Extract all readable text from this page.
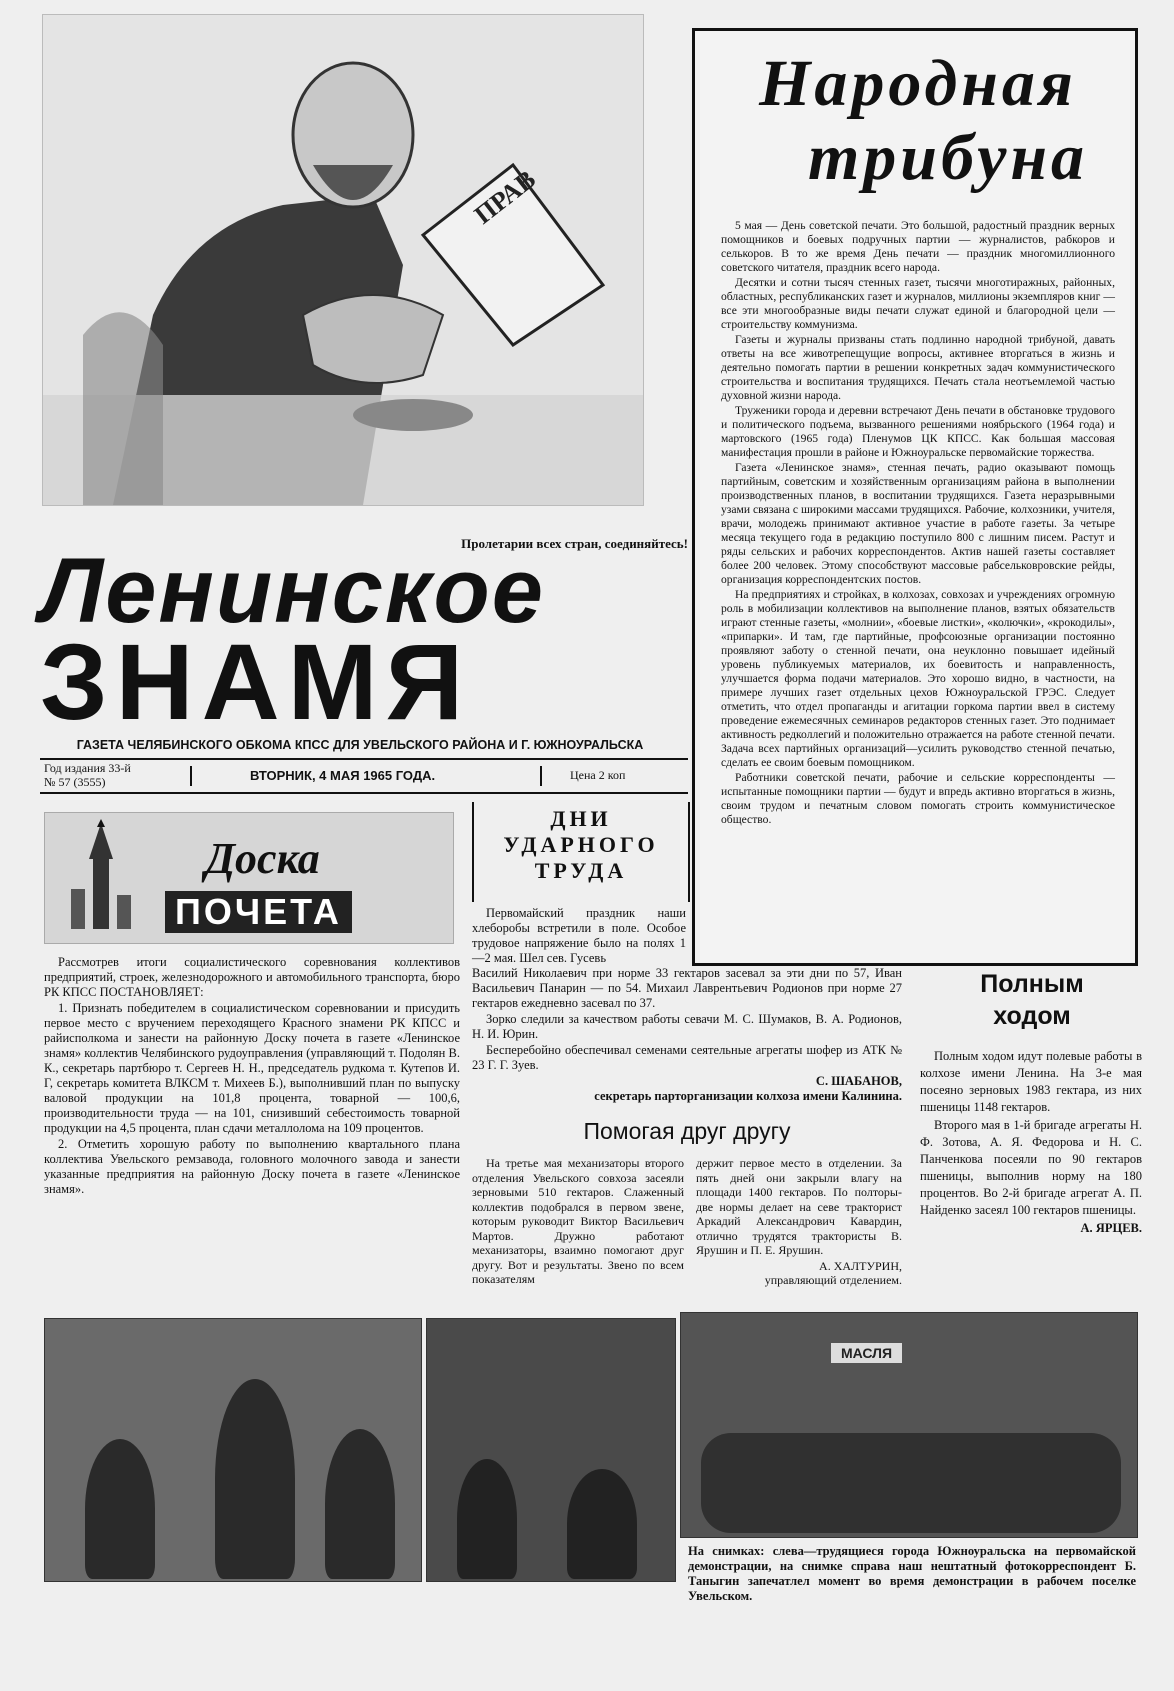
ПРАВ
Народная
трибуна

5 мая — День советской печати. Это большой, радостный праздник верных помощников и боевых подручных партии — журналистов, рабкоров и селькоров. В то же время День печати — праздник многомиллионного советского читателя, праздник всего народа.

Десятки и сотни тысяч стенных газет, тысячи многотиражных, районных, областных, республиканских газет и журналов, миллионы экземпляров книг — все эти многообразные виды печати служат единой и благородной цели — строительству коммунизма.

Газеты и журналы призваны стать подлинно народной трибуной, давать ответы на все животрепещущие вопросы, активнее вторгаться в жизнь и деятельно помогать партии в решении конкретных задач коммунистического строительства и воспитания трудящихся. Печать стала неотъемлемой частью духовной жизни народа.

Труженики города и деревни встречают День печати в обстановке трудового и политического подъема, вызванного решениями ноябрьского (1964 года) и мартовского (1965 года) Пленумов ЦК КПСС. Как большая массовая манифестация прошли в районе и Южноуральске первомайские торжества.

Газета «Ленинское знамя», стенная печать, радио оказывают помощь партийным, советским и хозяйственным организациям района в выполнении производственных планов, в воспитании трудящихся. Газета неразрывными узами связана с широкими массами трудящихся. Рабочие, колхозники, учителя, врачи, молодежь принимают активное участие в работе газеты. За четыре месяца текущего года в редакцию поступило 800 с лишним писем. Растут и ряды сельских и рабочих корреспондентов. Актив нашей газеты составляет более 200 человек. Этому способствуют массовые рабсельковровские рейды, организация корреспондентских постов.

На предприятиях и стройках, в колхозах, совхозах и учреждениях огромную роль в мобилизации коллективов на выполнение планов, взятых обязательств играют стенные газеты, «молнии», «боевые листки», «колючки», «крокодилы», «припарки». И там, где партийные, профсоюзные организации постоянно проявляют заботу о стенной печати, она неуклонно повышает идейный уровень публикуемых материалов, их боевитость и направленность, улучшается форма подачи материалов. Это хорошо видно, в частности, на примере лучших газет отдельных цехов Южноуральской ГРЭС. Следует отметить, что отдел пропаганды и агитации горкома партии ввел в систему проведение ежемесячных семинаров редакторов стенных газет. Это поднимает активность редколлегий и положительно отражается на работе стенной печати. Задача всех партийных организаций—усилить руководство стенной печатью, сделать ее своим боевым помощником.

Работники советской печати, рабочие и сельские корреспонденты — испытанные помощники партии — будут и впредь активно вторгаться в жизнь, своим трудом и печатным словом помогать строить коммунистическое общество.

Пролетарии всех стран, соединяйтесь!
Ленинское
ЗНАМЯ
ГАЗЕТА ЧЕЛЯБИНСКОГО ОБКОМА КПСС ДЛЯ УВЕЛЬСКОГО РАЙОНА И Г. ЮЖНОУРАЛЬСКА
Год издания 33-й
№ 57 (3555)	ВТОРНИК, 4 МАЯ 1965 ГОДА.	Цена 2 коп
Доска
ПОЧЕТА

Рассмотрев итоги социалистического соревнования коллективов предприятий, строек, железнодорожного и автомобильного транспорта, бюро РК КПСС ПОСТАНОВЛЯЕТ:

1. Признать победителем в социалистическом соревновании и присудить первое место с вручением переходящего Красного знамени РК КПСС и райисполкома и занести на районную Доску почета в газете «Ленинское знамя» коллектив Челябинского рудоуправления (управляющий т. Подолян В. К., секретарь партбюро т. Сергеев Н. Н., председатель рудкома т. Кутепов И. Г, секретарь комитета ВЛКСМ т. Михеев Б.), выполнивший план по выпуску валовой продукции на 101,8 процента, товарной — 100,6, производительности труда — на 101, снизивший себестоимость товарной продукции на 4,5 процента, план сдачи металлолома на 109 процентов.

2. Отметить хорошую работу по выполнению квартального плана коллектива Увельского ремзавода, головного молочного завода и занести указанные предприятия на районную Доску почета в газете «Ленинское знамя».

ДНИ
УДАРНОГО
ТРУДА

Первомайский праздник наши хлеборобы встретили в поле. Особое трудовое напряжение было на полях 1—2 мая. Шел сев. Гусевь

Василий Николаевич при норме 33 гектаров засевал за эти дни по 57, Иван Васильевич Панарин — по 54. Михаил Лаврентьевич Родионов при норме 27 гектаров ежедневно засевал по 37.

Зорко следили за качеством работы севачи М. С. Шумаков, В. А. Родионов, Н. И. Юрин.

Бесперебойно обеспечивал семенами сеятельные агрегаты шофер из АТК № 23 Г. Г. Зуев.

С. ШАБАНОВ,
секретарь парторганизации колхоза имени Калинина.
Помогая друг другу

На третье мая механизаторы второго отделения Увельского совхоза засеяли зерновыми 510 гектаров. Слаженный коллектив подобрался в первом звене, которым руководит Виктор Васильевич Мартов. Дружно работают механизаторы, взаимно помогают друг другу. Вот и результаты. Звено по всем показателям

держит первое место в отделении. За пять дней они закрыли влагу на площади 1400 гектаров. По полторы-две нормы делает на севе тракторист Аркадий Александрович Кавардин, отлично трудятся трактористы В. Ярушин и П. Е. Ярушин.

А. ХАЛТУРИН,
управляющий отделением.
Полным
ходом

Полным ходом идут полевые работы в колхозе имени Ленина. На 3-е мая посеяно зерновых 1983 гектара, из них пшеницы 1148 гектаров.

Второго мая в 1-й бригаде агрегаты Н. Ф. Зотова, А. Я. Федорова и Н. С. Панченкова посеяли по 90 гектаров пшеницы, выполнив норму на 180 процентов. Во 2-й бригаде агрегат А. П. Найденко засеял 100 гектаров пшеницы.

А. ЯРЦЕВ.
МАСЛЯ
На снимках: слева—трудящиеся города Южноуральска на первомайской демонстрации, на снимке справа наш нештатный фотокорреспондент Б. Таныгин запечатлел момент во время демонстрации в рабочем поселке Увельском.
